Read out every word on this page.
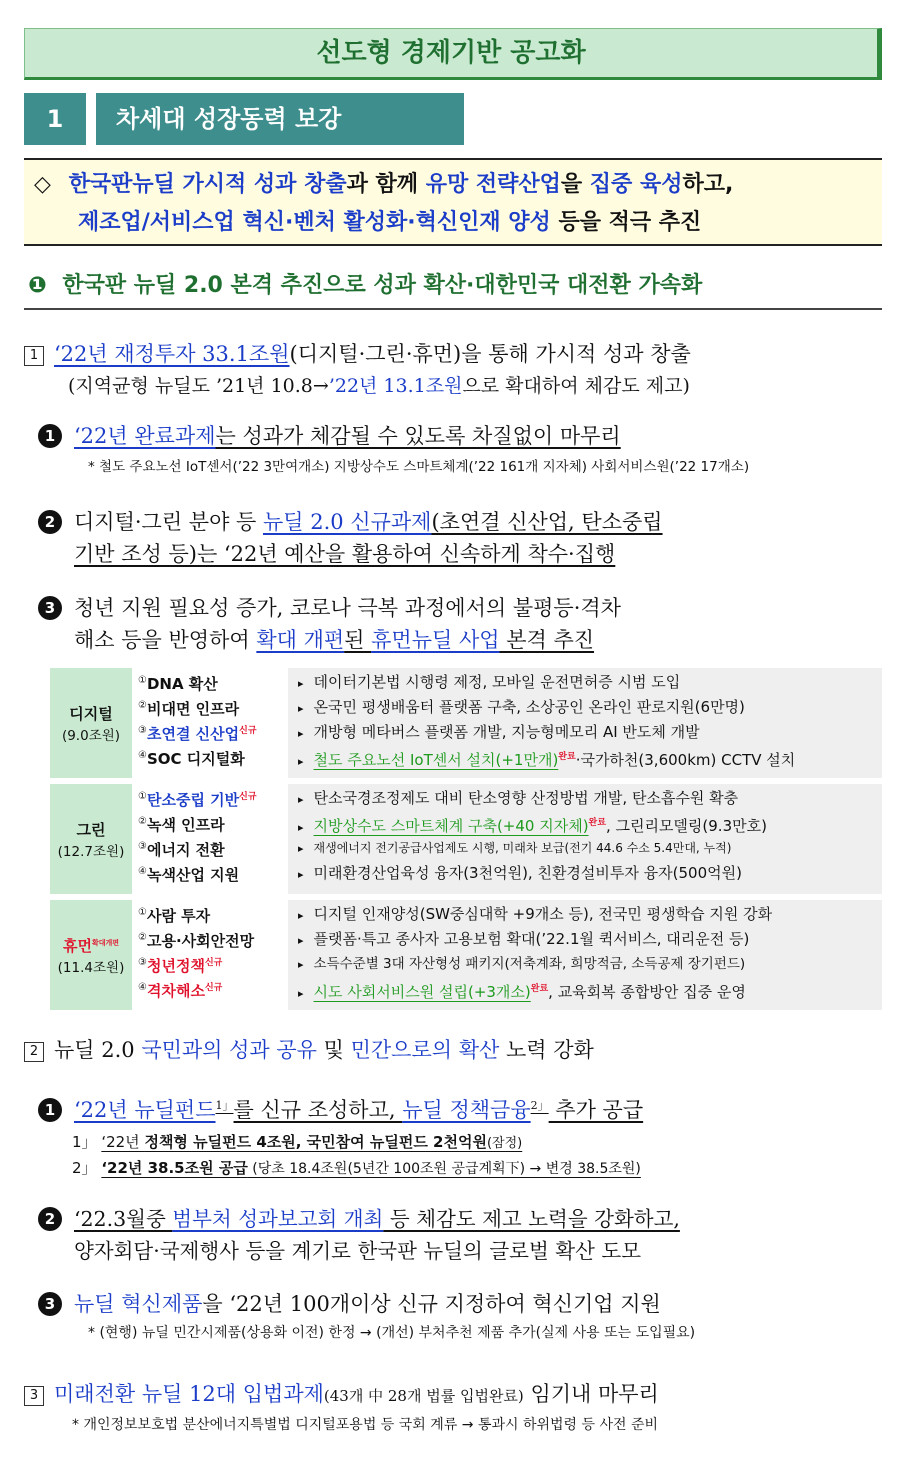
선도형 경제기반 공고화
1	차세대 성장동력 보강
◇ 한국판뉴딜 가시적 성과 창출과 함께 유망 전략산업을 집중 육성하고,
제조업/서비스업 혁신·벤처 활성화·혁신인재 양성 등을 적극 추진
❶ 한국판 뉴딜 2.0 본격 추진으로 성과 확산·대한민국 대전환 가속화
1 ‘22년 재정투자 33.1조원(디지털·그린·휴먼)을 통해 가시적 성과 창출
(지역균형 뉴딜도 ’21년 10.8→’22년 13.1조원으로 확대하여 체감도 제고)
1 ‘22년 완료과제는 성과가 체감될 수 있도록 차질없이 마무리
* 철도 주요노선 IoT센서(’22 3만여개소) 지방상수도 스마트체계(’22 161개 지자체) 사회서비스원(’22 17개소)
2 디지털·그린 분야 등 뉴딜 2.0 신규과제(초연결 신산업, 탄소중립
기반 조성 등)는 ‘22년 예산을 활용하여 신속하게 착수·집행
3 청년 지원 필요성 증가, 코로나 극복 과정에서의 불평등·격차
해소 등을 반영하여 확대 개편된 휴먼뉴딜 사업 본격 추진
디지털
(9.0조원)
①DNA 확산
②비대면 인프라
③초연결 신산업$^{신규}$
④SOC 디지털화
▸ 데이터기본법 시행령 제정, 모바일 운전면허증 시범 도입
▸ 온국민 평생배움터 플랫폼 구축, 소상공인 온라인 판로지원(6만명)
▸ 개방형 메타버스 플랫폼 개발, 지능형메모리 AI 반도체 개발
▸ 철도 주요노선 IoT센서 설치(+1만개)$^{완료}$·국가하천(3,600km) CCTV 설치
그린
(12.7조원)
①탄소중립 기반$^{신규}$
②녹색 인프라
③에너지 전환
④녹색산업 지원
▸ 탄소국경조정제도 대비 탄소영향 산정방법 개발, 탄소흡수원 확충
▸ 지방상수도 스마트체계 구축(+40 지자체)$^{완료}$, 그린리모델링(9.3만호)
▸ 재생에너지 전기공급사업제도 시행, 미래차 보급(전기 44.6 수소 5.4만대, 누적)
▸ 미래환경산업육성 융자(3천억원), 친환경설비투자 융자(500억원)
휴먼$^{확대개편}$
(11.4조원)
①사람 투자
②고용·사회안전망
③청년정책$^{신규}$
④격차해소$^{신규}$
▸ 디지털 인재양성(SW중심대학 +9개소 등), 전국민 평생학습 지원 강화
▸ 플랫폼·특고 종사자 고용보험 확대(’22.1월 퀵서비스, 대리운전 등)
▸ 소득수준별 3대 자산형성 패키지(저축계좌, 희망적금, 소득공제 장기펀드)
▸ 시도 사회서비스원 설립(+3개소)$^{완료}$, 교육회복 종합방안 집중 운영
2 뉴딜 2.0 국민과의 성과 공유 및 민간으로의 확산 노력 강화
1 ‘22년 뉴딜펀드$^{1」}$를 신규 조성하고, 뉴딜 정책금융$^{2」}$ 추가 공급
1」 ‘22년 정책형 뉴딜펀드 4조원, 국민참여 뉴딜펀드 2천억원(잠정)
2」 ‘22년 38.5조원 공급 (당초 18.4조원(5년간 100조원 공급계획下) → 변경 38.5조원)
2 ‘22.3월중 범부처 성과보고회 개최 등 체감도 제고 노력을 강화하고,
양자회담·국제행사 등을 계기로 한국판 뉴딜의 글로벌 확산 도모
3 뉴딜 혁신제품을 ‘22년 100개이상 신규 지정하여 혁신기업 지원
* (현행) 뉴딜 민간시제품(상용화 이전) 한정 → (개선) 부처추천 제품 추가(실제 사용 또는 도입필요)
3 미래전환 뉴딜 12대 입법과제(43개 中 28개 법률 입법완료) 임기내 마무리
* 개인정보보호법 분산에너지특별법 디지털포용법 등 국회 계류 → 통과시 하위법령 등 사전 준비
